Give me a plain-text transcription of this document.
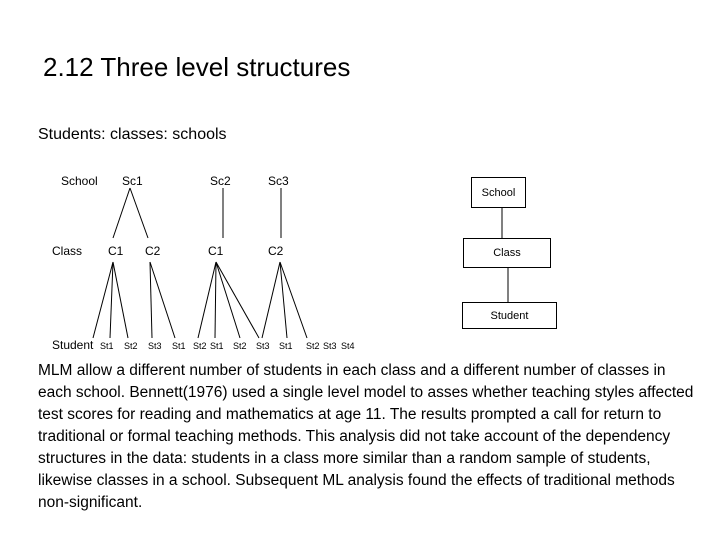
2.12 Three level structures
Students: classes: schools
School
Class
Student
Sc1	Sc2	Sc3
C1 C2	C1	C2
St1 St2 St3 St1 St2 St1 St2 St3 St1 St2 St3 St4
School
Class
Student
MLM allow a different number of students in each class and a different number of classes in each school. Bennett(1976) used a single level model to asses whether teaching styles affected test scores for reading and mathematics at age 11. The results prompted a call for return to traditional or formal teaching methods. This analysis did not take account of the dependency structures in the data: students in a class more similar than a random sample of students, likewise classes in a school. Subsequent ML analysis found the effects of traditional methods non-significant.
